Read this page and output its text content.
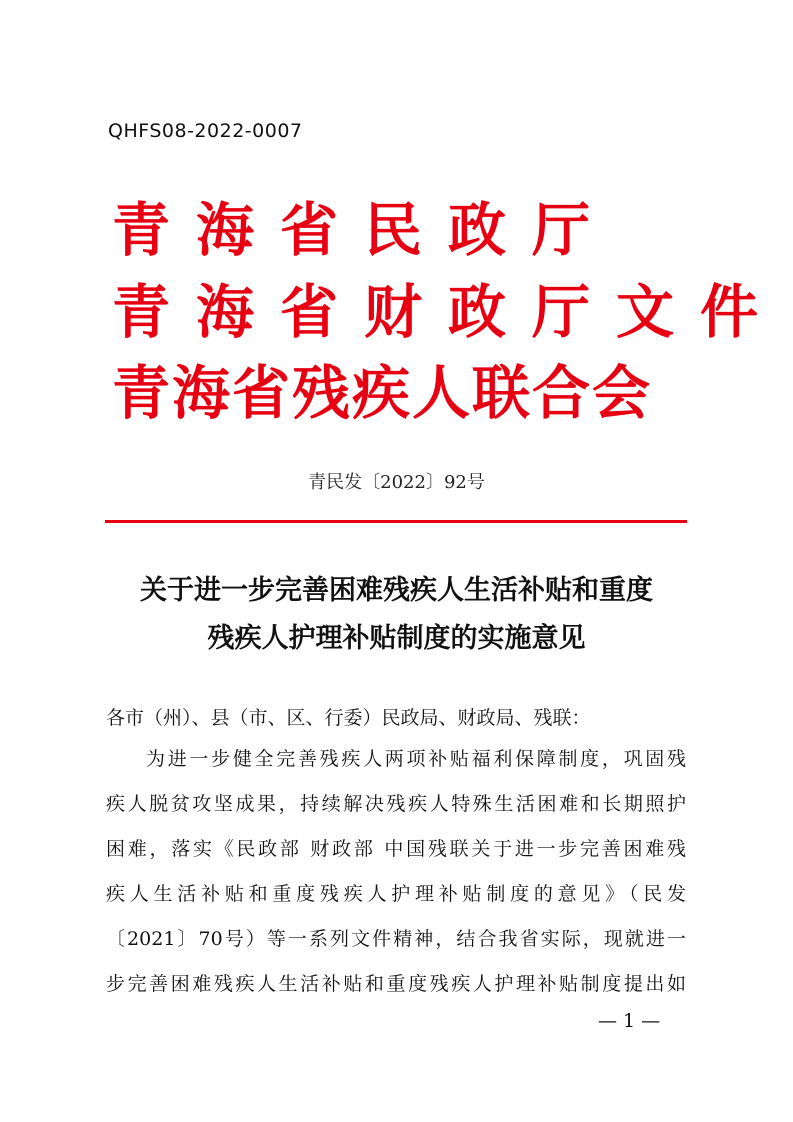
QHFS08-2022-0007
青海省民政厅
青海省财政厅文件
青海省残疾人联合会
青民发〔2022〕92号
关于进一步完善困难残疾人生活补贴和重度
残疾人护理补贴制度的实施意见
各市（州）、县（市、区、行委）民政局、财政局、残联：
为进一步健全完善残疾人两项补贴福利保障制度，巩固残
疾人脱贫攻坚成果，持续解决残疾人特殊生活困难和长期照护
困难，落实《民政部 财政部 中国残联关于进一步完善困难残
疾人生活补贴和重度残疾人护理补贴制度的意见》（民发
〔2021〕70号）等一系列文件精神，结合我省实际，现就进一
步完善困难残疾人生活补贴和重度残疾人护理补贴制度提出如
— 1 —
